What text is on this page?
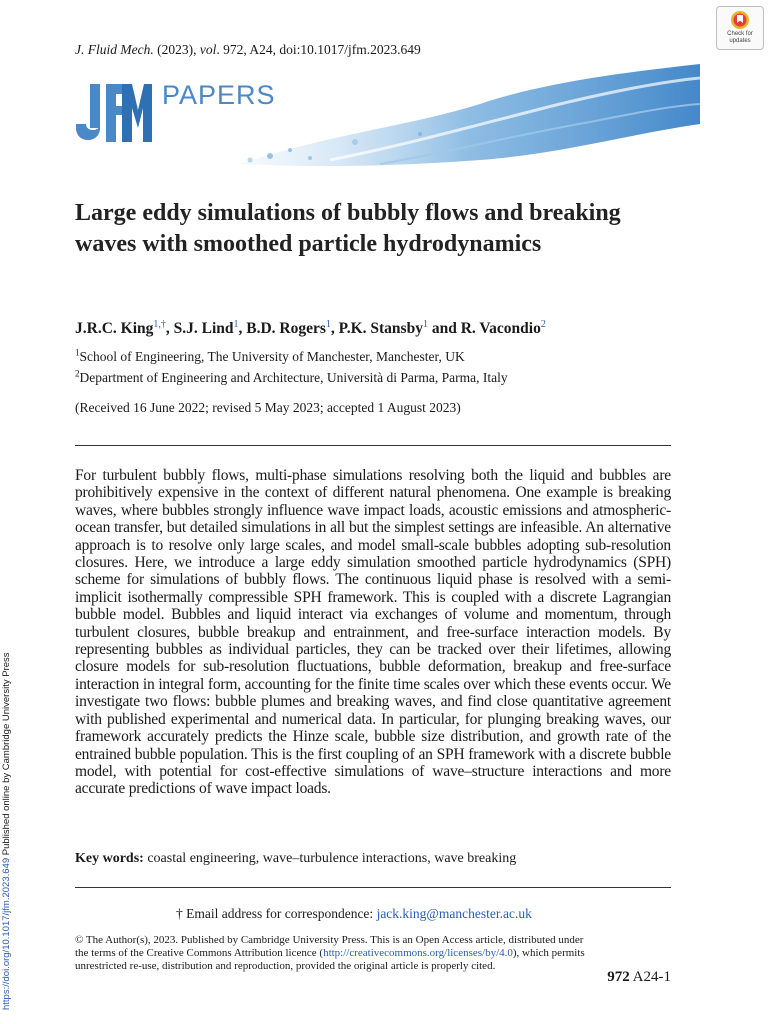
J. Fluid Mech. (2023), vol. 972, A24, doi:10.1017/jfm.2023.649
PAPERS
Check for
updates
Large eddy simulations of bubbly flows and breaking waves with smoothed particle hydrodynamics
J.R.C. King$^{1,\dagger}$, S.J. Lind$^1$, B.D. Rogers$^1$, P.K. Stansby$^1$ and R. Vacondio$^2$
$^1$School of Engineering, The University of Manchester, Manchester, UK
$^2$Department of Engineering and Architecture, Università di Parma, Parma, Italy
(Received 16 June 2022; revised 5 May 2023; accepted 1 August 2023)
For turbulent bubbly flows, multi-phase simulations resolving both the liquid and bubbles are prohibitively expensive in the context of different natural phenomena. One example is breaking waves, where bubbles strongly influence wave impact loads, acoustic emissions and atmospheric-ocean transfer, but detailed simulations in all but the simplest settings are infeasible. An alternative approach is to resolve only large scales, and model small-scale bubbles adopting sub-resolution closures. Here, we introduce a large eddy simulation smoothed particle hydrodynamics (SPH) scheme for simulations of bubbly flows. The continuous liquid phase is resolved with a semi-implicit isothermally compressible SPH framework. This is coupled with a discrete Lagrangian bubble model. Bubbles and liquid interact via exchanges of volume and momentum, through turbulent closures, bubble breakup and entrainment, and free-surface interaction models. By representing bubbles as individual particles, they can be tracked over their lifetimes, allowing closure models for sub-resolution fluctuations, bubble deformation, breakup and free-surface interaction in integral form, accounting for the finite time scales over which these events occur. We investigate two flows: bubble plumes and breaking waves, and find close quantitative agreement with published experimental and numerical data. In particular, for plunging breaking waves, our framework accurately predicts the Hinze scale, bubble size distribution, and growth rate of the entrained bubble population. This is the first coupling of an SPH framework with a discrete bubble model, with potential for cost-effective simulations of wave–structure interactions and more accurate predictions of wave impact loads.
Key words: coastal engineering, wave–turbulence interactions, wave breaking
† Email address for correspondence: jack.king@manchester.ac.uk
© The Author(s), 2023. Published by Cambridge University Press. This is an Open Access article, distributed under the terms of the Creative Commons Attribution licence (http://creativecommons.org/licenses/by/4.0), which permits unrestricted re-use, distribution and reproduction, provided the original article is properly cited.
972 A24-1
https://doi.org/10.1017/jfm.2023.649 Published online by Cambridge University Press
